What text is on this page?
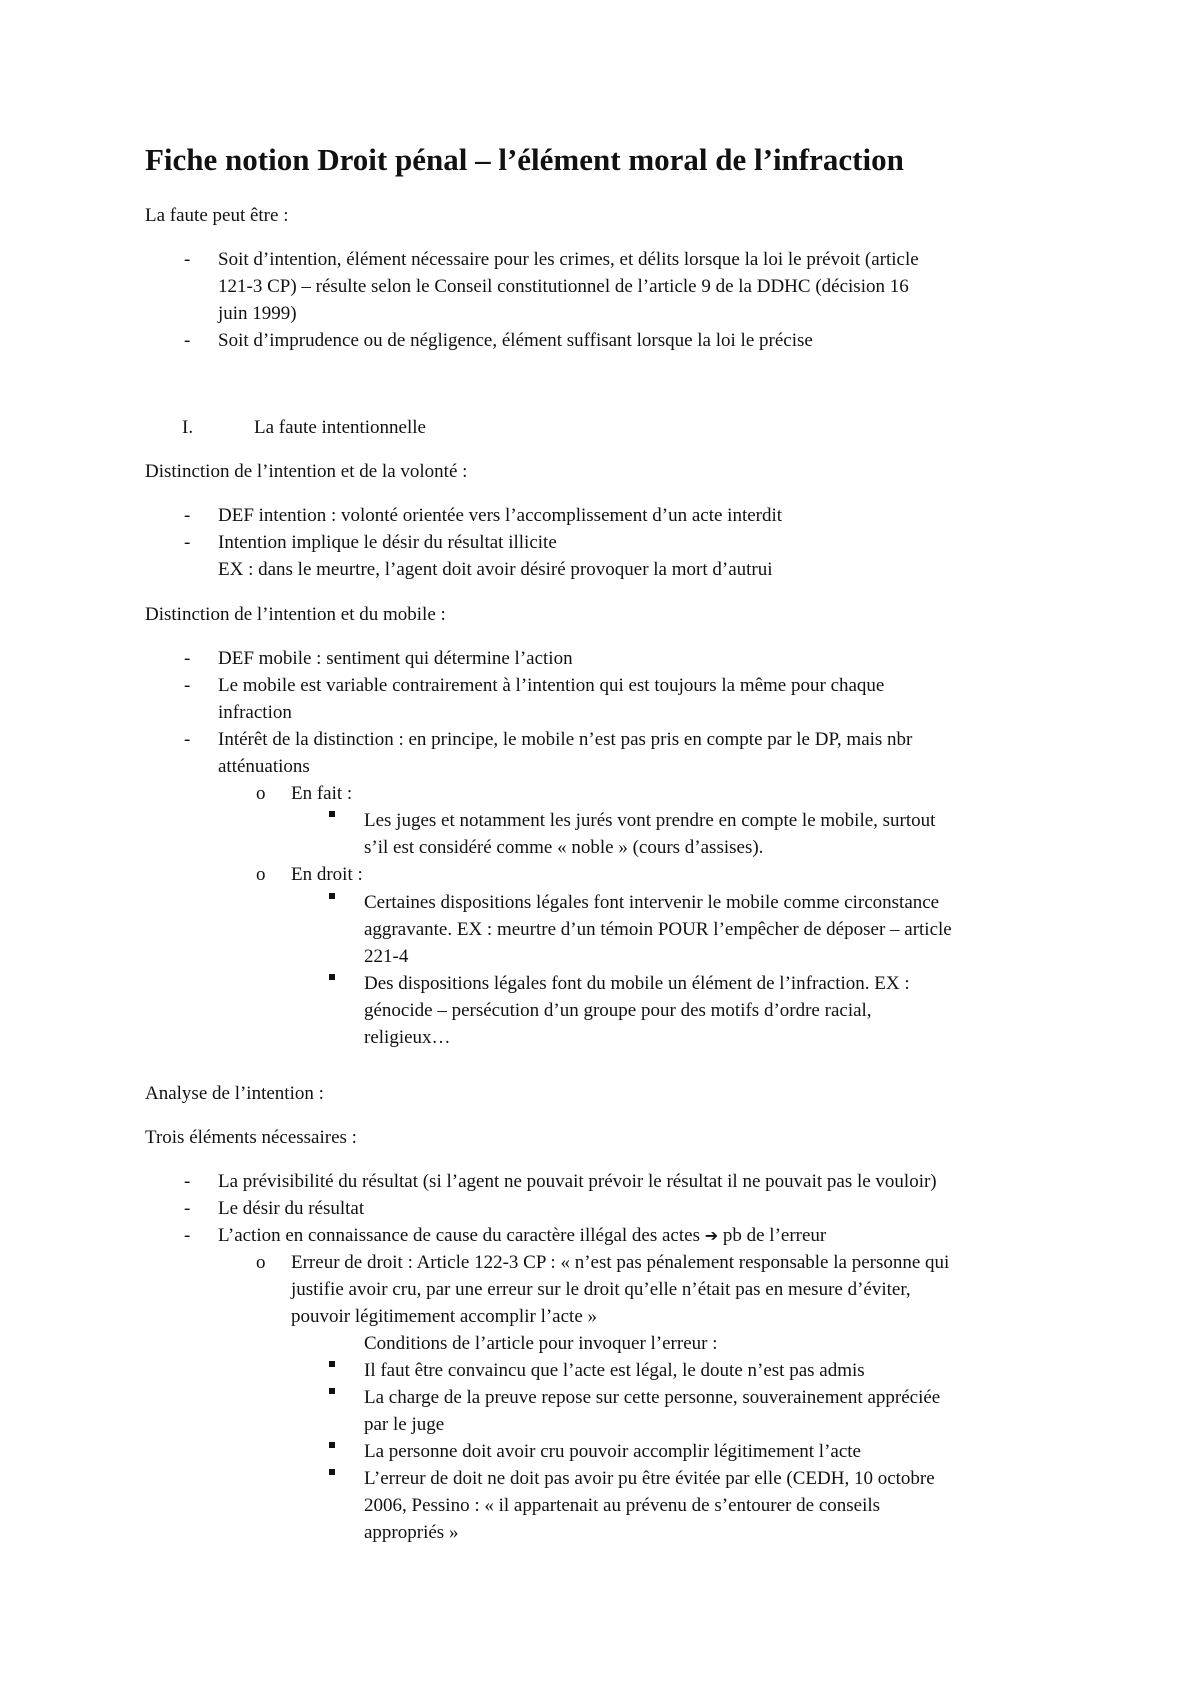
Fiche notion Droit pénal – l’élément moral de l’infraction
La faute peut être :
- Soit d’intention, élément nécessaire pour les crimes, et délits lorsque la loi le prévoit (article
121-3 CP) – résulte selon le Conseil constitutionnel de l’article 9 de la DDHC (décision 16
juin 1999)
- Soit d’imprudence ou de négligence, élément suffisant lorsque la loi le précise
I.	La faute intentionnelle
Distinction de l’intention et de la volonté :
- DEF intention : volonté orientée vers l’accomplissement d’un acte interdit
- Intention implique le désir du résultat illicite
EX : dans le meurtre, l’agent doit avoir désiré provoquer la mort d’autrui
Distinction de l’intention et du mobile :
- DEF mobile : sentiment qui détermine l’action
- Le mobile est variable contrairement à l’intention qui est toujours la même pour chaque
infraction
- Intérêt de la distinction : en principe, le mobile n’est pas pris en compte par le DP, mais nbr
atténuations
o En fait :
Les juges et notamment les jurés vont prendre en compte le mobile, surtout
s’il est considéré comme « noble » (cours d’assises).
o En droit :
Certaines dispositions légales font intervenir le mobile comme circonstance
aggravante. EX : meurtre d’un témoin POUR l’empêcher de déposer – article
221-4
Des dispositions légales font du mobile un élément de l’infraction. EX :
génocide – persécution d’un groupe pour des motifs d’ordre racial,
religieux…
Analyse de l’intention :
Trois éléments nécessaires :
- La prévisibilité du résultat (si l’agent ne pouvait prévoir le résultat il ne pouvait pas le vouloir)
- Le désir du résultat
- L’action en connaissance de cause du caractère illégal des actes ➔ pb de l’erreur
o Erreur de droit : Article 122-3 CP : « n’est pas pénalement responsable la personne qui
justifie avoir cru, par une erreur sur le droit qu’elle n’était pas en mesure d’éviter,
pouvoir légitimement accomplir l’acte »
Conditions de l’article pour invoquer l’erreur :
Il faut être convaincu que l’acte est légal, le doute n’est pas admis
La charge de la preuve repose sur cette personne, souverainement appréciée
par le juge
La personne doit avoir cru pouvoir accomplir légitimement l’acte
L’erreur de doit ne doit pas avoir pu être évitée par elle (CEDH, 10 octobre
2006, Pessino : « il appartenait au prévenu de s’entourer de conseils
appropriés »
